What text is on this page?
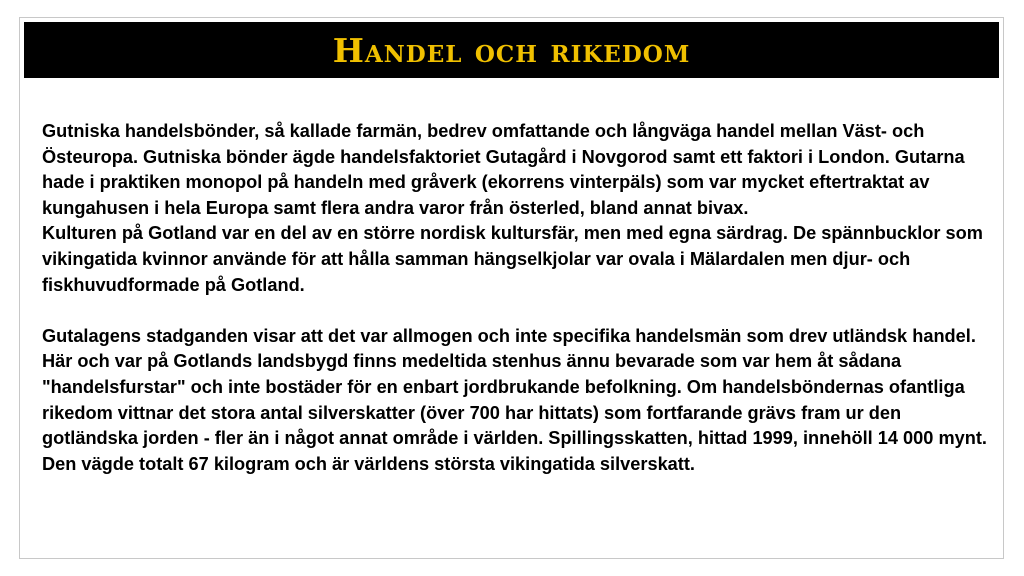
Handel och rikedom

Gutniska handelsbönder, så kallade farmän, bedrev omfattande och långväga handel mellan Väst- och Östeuropa. Gutniska bönder ägde handelsfaktoriet Gutagård i Novgorod samt ett faktori i London. Gutarna hade i praktiken monopol på handeln med gråverk (ekorrens vinterpäls) som var mycket eftertraktat av kungahusen i hela Europa samt flera andra varor från österled, bland annat bivax.

Kulturen på Gotland var en del av en större nordisk kultursfär, men med egna särdrag. De spännbucklor som vikingatida kvinnor använde för att hålla samman hängselkjolar var ovala i Mälardalen men djur- och fiskhuvudformade på Gotland.

Gutalagens stadganden visar att det var allmogen och inte specifika handelsmän som drev utländsk handel. Här och var på Gotlands landsbygd finns medeltida stenhus ännu bevarade som var hem åt sådana "handelsfurstar" och inte bostäder för en enbart jordbrukande befolkning. Om handelsböndernas ofantliga rikedom vittnar det stora antal silverskatter (över 700 har hittats) som fortfarande grävs fram ur den gotländska jorden - fler än i något annat område i världen. Spillingsskatten, hittad 1999, innehöll 14 000 mynt. Den vägde totalt 67 kilogram och är världens största vikingatida silverskatt.
